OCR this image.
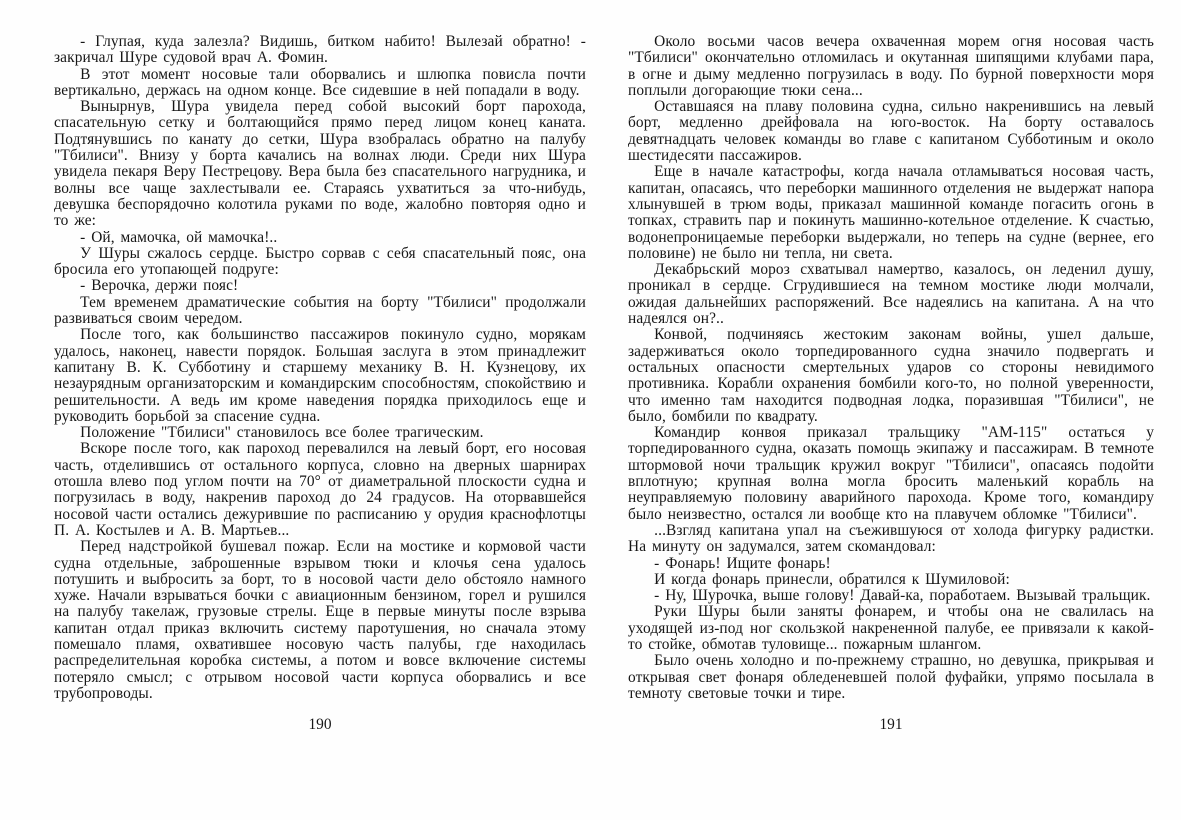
- Глупая, куда залезла? Видишь, битком набито! Вылезай обратно! - закричал Шуре судовой врач А. Фомин.

В этот момент носовые тали оборвались и шлюпка повисла почти вертикально, держась на одном конце. Все сидевшие в ней попадали в воду.

Вынырнув, Шура увидела перед собой высокий борт парохода, спасательную сетку и болтающийся прямо перед лицом конец каната. Подтянувшись по канату до сетки, Шура взобралась обратно на палубу "Тбилиси". Внизу у борта качались на волнах люди. Среди них Шура увидела пекаря Веру Пестрецову. Вера была без спасательного нагрудника, и волны все чаще захлестывали ее. Стараясь ухватиться за что-нибудь, девушка беспорядочно колотила руками по воде, жалобно повторяя одно и то же:

- Ой, мамочка, ой мамочка!..

У Шуры сжалось сердце. Быстро сорвав с себя спасательный пояс, она бросила его утопающей подруге:

- Верочка, держи пояс!

Тем временем драматические события на борту "Тбилиси" продолжали развиваться своим чередом.

После того, как большинство пассажиров покинуло судно, морякам удалось, наконец, навести порядок. Большая заслуга в этом принадлежит капитану В. К. Субботину и старшему механику В. Н. Кузнецову, их незаурядным организаторским и командирским способностям, спокойствию и решительности. А ведь им кроме наведения порядка приходилось еще и руководить борьбой за спасение судна.

Положение "Тбилиси" становилось все более трагическим.

Вскоре после того, как пароход перевалился на левый борт, его носовая часть, отделившись от остального корпуса, словно на дверных шарнирах отошла влево под углом почти на 70° от диаметральной плоскости судна и погрузилась в воду, накренив пароход до 24 градусов. На оторвавшейся носовой части остались дежурившие по расписанию у орудия краснофлотцы П. А. Костылев и А. В. Мартьев...

Перед надстройкой бушевал пожар. Если на мостике и кормовой части судна отдельные, заброшенные взрывом тюки и клочья сена удалось потушить и выбросить за борт, то в носовой части дело обстояло намного хуже. Начали взрываться бочки с авиационным бензином, горел и рушился на палубу такелаж, грузовые стрелы. Еще в первые минуты после взрыва капитан отдал приказ включить систему паротушения, но сначала этому помешало пламя, охватившее носовую часть палубы, где находилась распределительная коробка системы, а потом и вовсе включение системы потеряло смысл; с отрывом носовой части корпуса оборвались и все трубопроводы.

190

Около восьми часов вечера охваченная морем огня носовая часть "Тбилиси" окончательно отломилась и окутанная шипящими клубами пара, в огне и дыму медленно погрузилась в воду. По бурной поверхности моря поплыли догорающие тюки сена...

Оставшаяся на плаву половина судна, сильно накренившись на левый борт, медленно дрейфовала на юго-восток. На борту оставалось девятнадцать человек команды во главе с капитаном Субботиным и около шестидесяти пассажиров.

Еще в начале катастрофы, когда начала отламываться носовая часть, капитан, опасаясь, что переборки машинного отделения не выдержат напора хлынувшей в трюм воды, приказал машинной команде погасить огонь в топках, стравить пар и покинуть машинно-котельное отделение. К счастью, водонепроницаемые переборки выдержали, но теперь на судне (вернее, его половине) не было ни тепла, ни света.

Декабрьский мороз схватывал намертво, казалось, он леденил душу, проникал в сердце. Сгрудившиеся на темном мостике люди молчали, ожидая дальнейших распоряжений. Все надеялись на капитана. А на что надеялся он?..

Конвой, подчиняясь жестоким законам войны, ушел дальше, задерживаться около торпедированного судна значило подвергать и остальных опасности смертельных ударов со стороны невидимого противника. Корабли охранения бомбили кого-то, но полной уверенности, что именно там находится подводная лодка, поразившая "Тбилиси", не было, бомбили по квадрату.

Командир конвоя приказал тральщику "АМ-115" остаться у торпедированного судна, оказать помощь экипажу и пассажирам. В темноте штормовой ночи тральщик кружил вокруг "Тбилиси", опасаясь подойти вплотную; крупная волна могла бросить маленький корабль на неуправляемую половину аварийного парохода. Кроме того, командиру было неизвестно, остался ли вообще кто на плавучем обломке "Тбилиси".

...Взгляд капитана упал на съежившуюся от холода фигурку радистки. На минуту он задумался, затем скомандовал:

- Фонарь! Ищите фонарь!

И когда фонарь принесли, обратился к Шумиловой:

- Ну, Шурочка, выше голову! Давай-ка, поработаем. Вызывай тральщик.

Руки Шуры были заняты фонарем, и чтобы она не свалилась на уходящей из-под ног скользкой накрененной палубе, ее привязали к какой-то стойке, обмотав туловище... пожарным шлангом.

Было очень холодно и по-прежнему страшно, но девушка, прикрывая и открывая свет фонаря обледеневшей полой фуфайки, упрямо посылала в темноту световые точки и тире.

191
